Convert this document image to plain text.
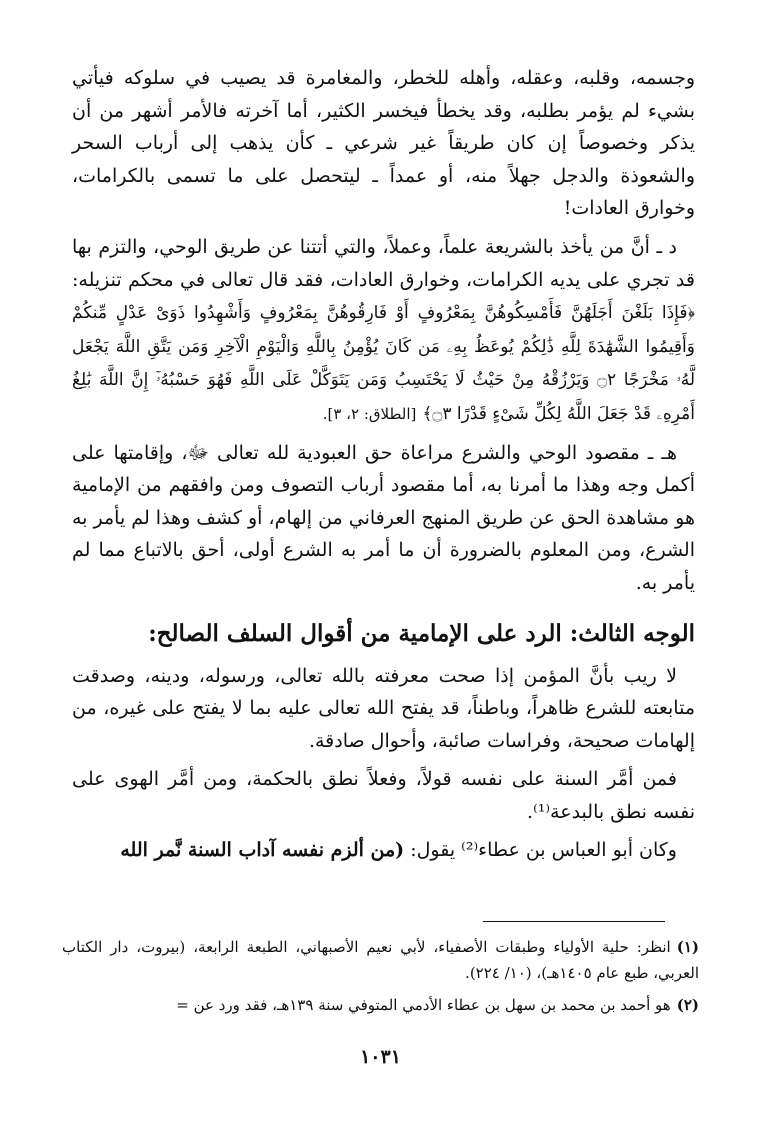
وجسمه، وقلبه، وعقله، وأهله للخطر، والمغامرة قد يصيب في سلوكه فيأتي بشيء لم يؤمر بطلبه، وقد يخطأ فيخسر الكثير، أما آخرته فالأمر أشهر من أن يذكر وخصوصاً إن كان طريقاً غير شرعي ـ كأن يذهب إلى أرباب السحر والشعوذة والدجل جهلاً منه، أو عمداً ـ ليتحصل على ما تسمى بالكرامات، وخوارق العادات!

د ـ أنَّ من يأخذ بالشريعة علماً، وعملاً، والتي أتتنا عن طريق الوحي، والتزم بها قد تجري على يديه الكرامات، وخوارق العادات، فقد قال تعالى في محكم تنزيله: ﴿فَإِذَا بَلَغْنَ أَجَلَهُنَّ فَأَمْسِكُوهُنَّ بِمَعْرُوفٍ أَوْ فَارِقُوهُنَّ بِمَعْرُوفٍ وَأَشْهِدُوا ذَوَىْ عَدْلٍ مِّنكُمْ وَأَقِيمُوا الشَّهَٰدَةَ لِلَّهِ ذَٰلِكُمْ يُوعَظُ بِهِۦ مَن كَانَ يُؤْمِنُ بِاللَّهِ وَالْيَوْمِ الْآخِرِ وَمَن يَتَّقِ اللَّهَ يَجْعَل لَّهُۥ مَخْرَجًا ۝٢ وَيَرْزُقْهُ مِنْ حَيْثُ لَا يَحْتَسِبُ وَمَن يَتَوَكَّلْ عَلَى اللَّهِ فَهُوَ حَسْبُهُۥٓ إِنَّ اللَّهَ بَٰلِغُ أَمْرِهِۦ قَدْ جَعَلَ اللَّهُ لِكُلِّ شَىْءٍ قَدْرًا ۝٣﴾ [الطلاق: ٢، ٣].

هـ ـ مقصود الوحي والشرع مراعاة حق العبودية لله تعالى ﷻ، وإقامتها على أكمل وجه وهذا ما أمرنا به، أما مقصود أرباب التصوف ومن وافقهم من الإمامية هو مشاهدة الحق عن طريق المنهج العرفاني من إلهام، أو كشف وهذا لم يأمر به الشرع، ومن المعلوم بالضرورة أن ما أمر به الشرع أولى، أحق بالاتباع مما لم يأمر به.

الوجه الثالث: الرد على الإمامية من أقوال السلف الصالح:

لا ريب بأنَّ المؤمن إذا صحت معرفته بالله تعالى، ورسوله، ودينه، وصدقت متابعته للشرع ظاهراً، وباطناً، قد يفتح الله تعالى عليه بما لا يفتح على غيره، من إلهامات صحيحة، وفراسات صائبة، وأحوال صادقة.

فمن أمَّر السنة على نفسه قولاً، وفعلاً نطق بالحكمة، ومن أمَّر الهوى على نفسه نطق بالبدعة⁽¹⁾.

وكان أبو العباس بن عطاء⁽²⁾ يقول: (من ألزم نفسه آداب السنة نَّمر الله

(١)انظر: حلية الأولياء وطبقات الأصفياء، لأبي نعيم الأصبهاني، الطبعة الرابعة، (بيروت، دار الكتاب العربي، طبع عام ١٤٠٥هـ)، (١٠/ ٢٢٤).

(٢)هو أحمد بن محمد بن سهل بن عطاء الأدمي المتوفي سنة ١٣٩هـ، فقد ورد عن =

١٠٣١
